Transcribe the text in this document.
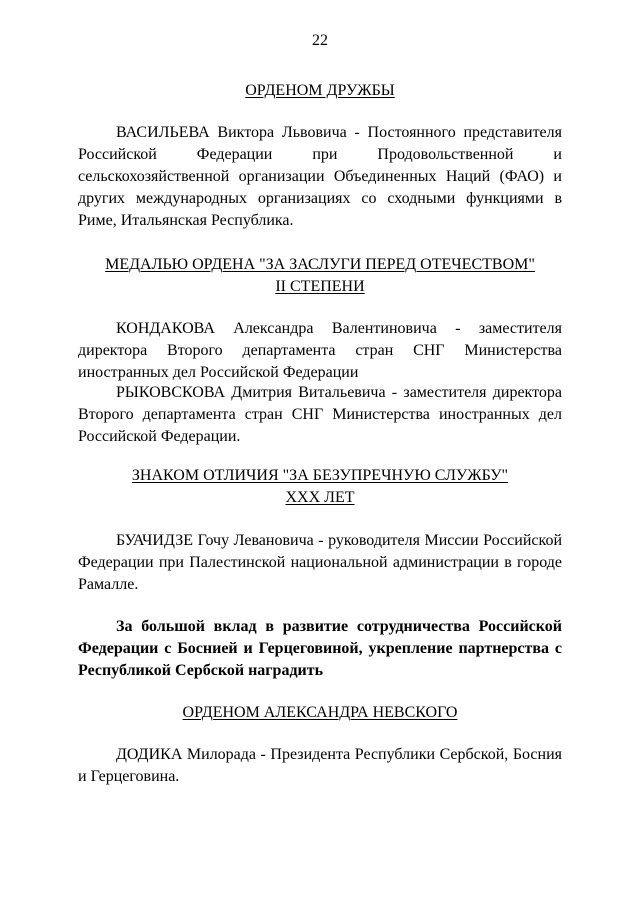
22
ОРДЕНОМ ДРУЖБЫ
ВАСИЛЬЕВА Виктора Львовича - Постоянного представителя Российской Федерации при Продовольственной и сельскохозяйственной организации Объединенных Наций (ФАО) и других международных организациях со сходными функциями в Риме, Итальянская Республика.
МЕДАЛЬЮ ОРДЕНА "ЗА ЗАСЛУГИ ПЕРЕД ОТЕЧЕСТВОМ"
II СТЕПЕНИ
КОНДАКОВА Александра Валентиновича - заместителя директора Второго департамента стран СНГ Министерства иностранных дел Российской Федерации
РЫКОВСКОВА Дмитрия Витальевича - заместителя директора Второго департамента стран СНГ Министерства иностранных дел Российской Федерации.
ЗНАКОМ ОТЛИЧИЯ "ЗА БЕЗУПРЕЧНУЮ СЛУЖБУ"
XXX ЛЕТ
БУАЧИДЗЕ Гочу Левановича - руководителя Миссии Российской Федерации при Палестинской национальной администрации в городе Рамалле.
За большой вклад в развитие сотрудничества Российской Федерации с Боснией и Герцеговиной, укрепление партнерства с Республикой Сербской наградить
ОРДЕНОМ АЛЕКСАНДРА НЕВСКОГО
ДОДИКА Милорада - Президента Республики Сербской, Босния и Герцеговина.
